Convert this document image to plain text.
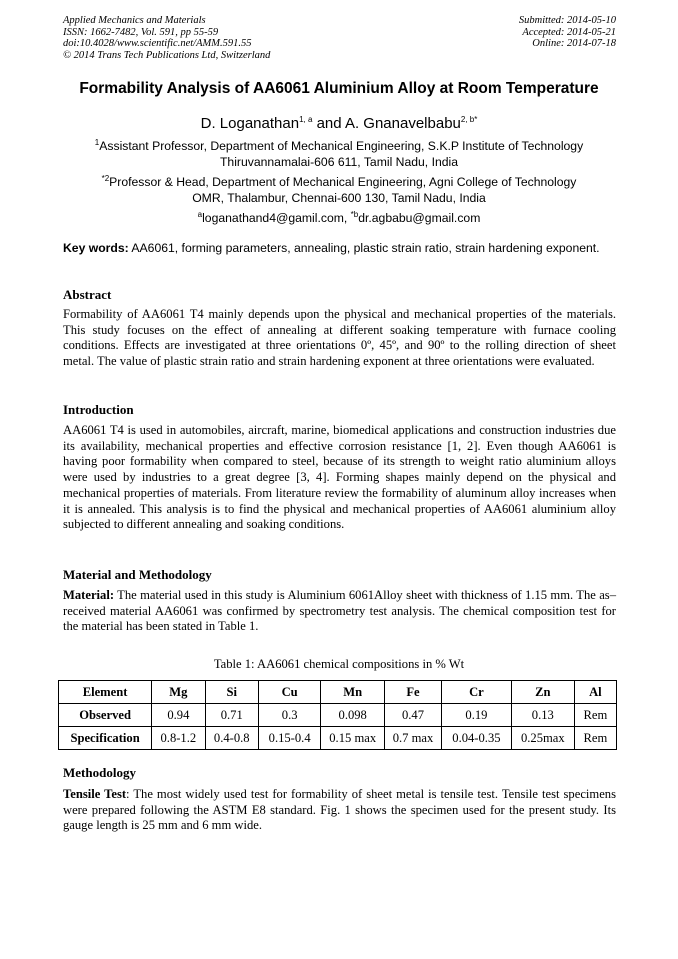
Applied Mechanics and Materials
ISSN: 1662-7482, Vol. 591, pp 55-59
doi:10.4028/www.scientific.net/AMM.591.55
© 2014 Trans Tech Publications Ltd, Switzerland
Submitted: 2014-05-10
Accepted: 2014-05-21
Online: 2014-07-18
Formability Analysis of AA6061 Aluminium Alloy at Room Temperature
D. Loganathan$^{1, a}$ and A. Gnanavelbabu$^{2, b*}$
$^1$Assistant Professor, Department of Mechanical Engineering, S.K.P Institute of Technology
Thiruvannamalai-606 611, Tamil Nadu, India
$^{*2}$Professor & Head, Department of Mechanical Engineering, Agni College of Technology
OMR, Thalambur, Chennai-600 130, Tamil Nadu, India
$^a$loganathand4@gamil.com, $^{*b}$dr.agbabu@gmail.com
Key words: AA6061, forming parameters, annealing, plastic strain ratio, strain hardening exponent.
Abstract
Formability of AA6061 T4 mainly depends upon the physical and mechanical properties of the materials. This study focuses on the effect of annealing at different soaking temperature with furnace cooling conditions. Effects are investigated at three orientations 0º, 45º, and 90º to the rolling direction of sheet metal. The value of plastic strain ratio and strain hardening exponent at three orientations were evaluated.
Introduction
AA6061 T4 is used in automobiles, aircraft, marine, biomedical applications and construction industries due its availability, mechanical properties and effective corrosion resistance [1, 2]. Even though AA6061 is having poor formability when compared to steel, because of its strength to weight ratio aluminium alloys were used by industries to a great degree [3, 4]. Forming shapes mainly depend on the physical and mechanical properties of materials. From literature review the formability of aluminum alloy increases when it is annealed. This analysis is to find the physical and mechanical properties of AA6061 aluminium alloy subjected to different annealing and soaking conditions.
Material and Methodology
Material: The material used in this study is Aluminium 6061Alloy sheet with thickness of 1.15 mm. The as–received material AA6061 was confirmed by spectrometry test analysis. The chemical composition test for the material has been stated in Table 1.
Table 1: AA6061 chemical compositions in % Wt
Element	Mg	Si	Cu	Mn	Fe	Cr	Zn	Al
Observed	0.94	0.71	0.3	0.098	0.47	0.19	0.13	Rem
Specification	0.8-1.2	0.4-0.8	0.15-0.4	0.15 max	0.7 max	0.04-0.35	0.25max	Rem
Methodology
Tensile Test: The most widely used test for formability of sheet metal is tensile test. Tensile test specimens were prepared following the ASTM E8 standard. Fig. 1 shows the specimen used for the present study. Its gauge length is 25 mm and 6 mm wide.
